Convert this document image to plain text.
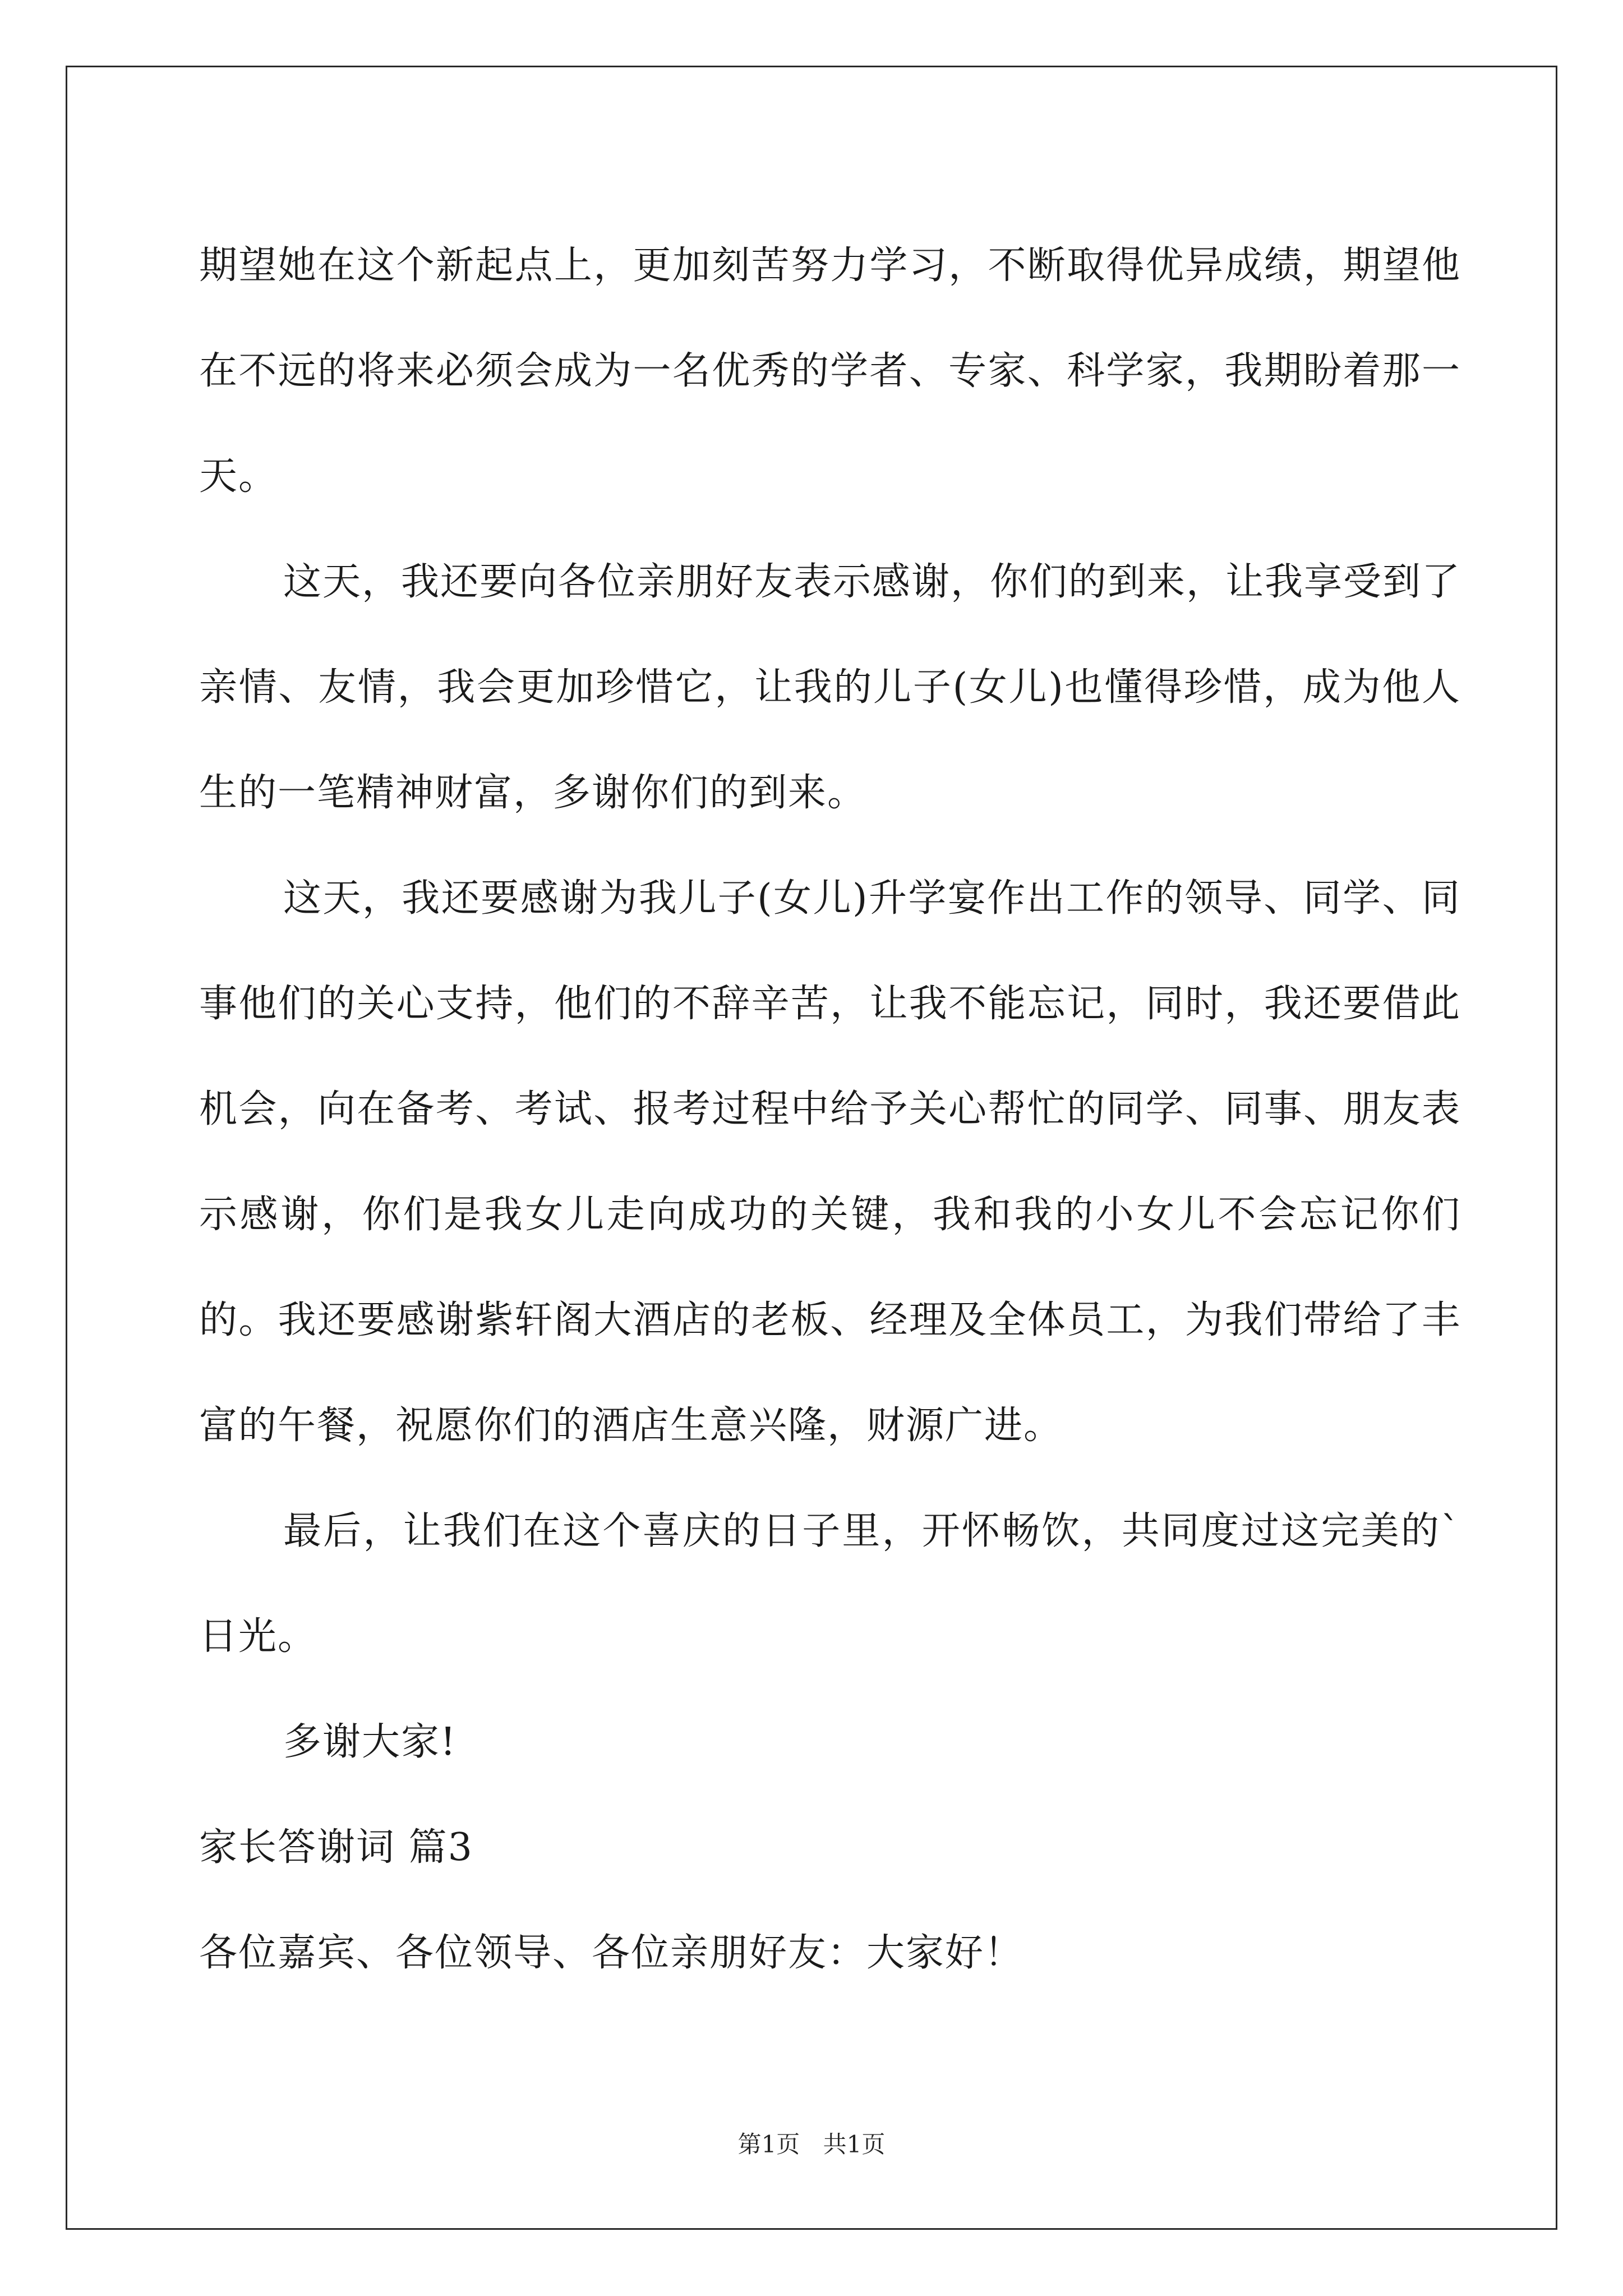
期望她在这个新起点上，更加刻苦努力学习，不断取得优异成绩，期望他在不远的将来必须会成为一名优秀的学者、专家、科学家，我期盼着那一天。

这天，我还要向各位亲朋好友表示感谢，你们的到来，让我享受到了亲情、友情，我会更加珍惜它，让我的儿子(女儿)也懂得珍惜，成为他人生的一笔精神财富，多谢你们的到来。

这天，我还要感谢为我儿子(女儿)升学宴作出工作的领导、同学、同事他们的关心支持，他们的不辞辛苦，让我不能忘记，同时，我还要借此机会，向在备考、考试、报考过程中给予关心帮忙的同学、同事、朋友表示感谢，你们是我女儿走向成功的关键，我和我的小女儿不会忘记你们的。我还要感谢紫轩阁大酒店的老板、经理及全体员工，为我们带给了丰富的午餐，祝愿你们的酒店生意兴隆，财源广进。

最后，让我们在这个喜庆的日子里，开怀畅饮，共同度过这完美的`日光。

多谢大家!

家长答谢词 篇3

各位嘉宾、各位领导、各位亲朋好友：大家好！

第1页 共1页
